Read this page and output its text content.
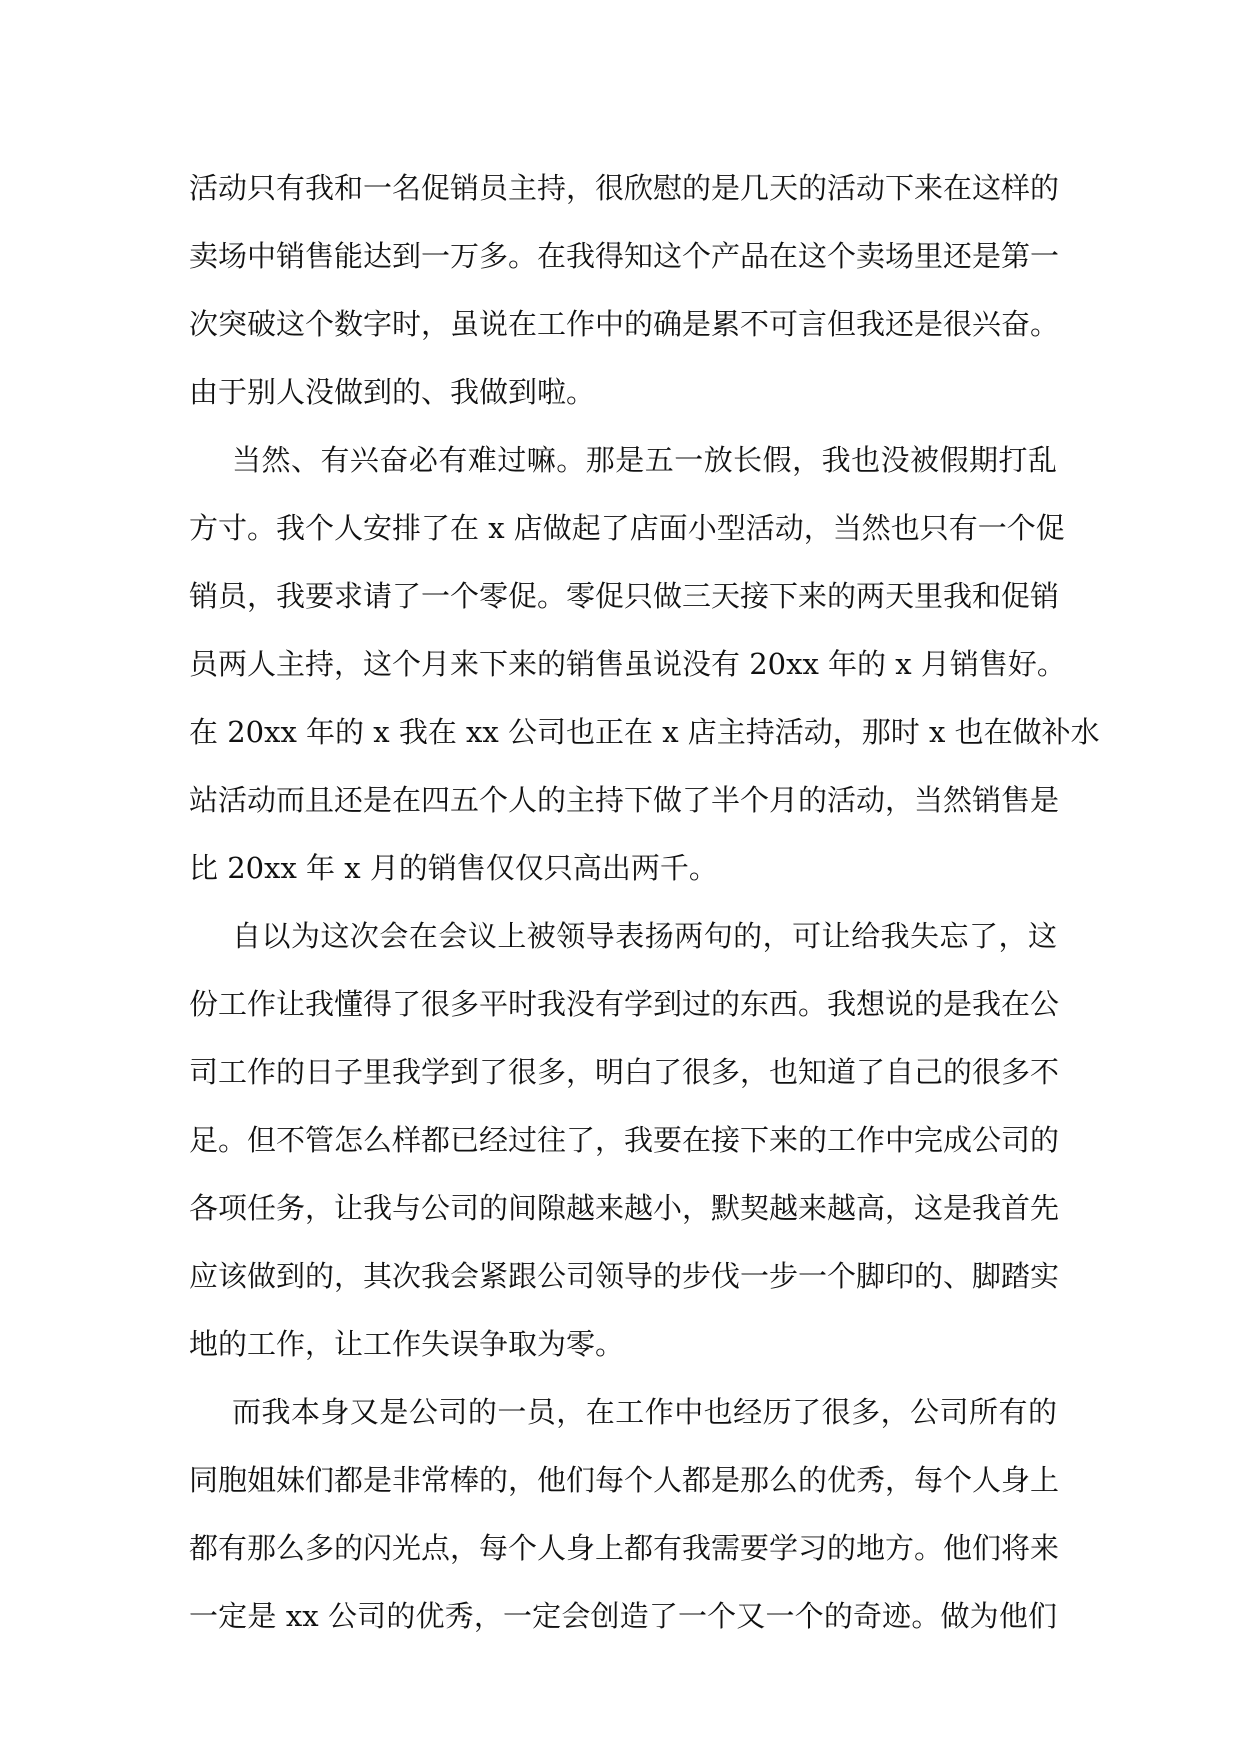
活动只有我和一名促销员主持，很欣慰的是几天的活动下来在这样的
卖场中销售能达到一万多。在我得知这个产品在这个卖场里还是第一
次突破这个数字时，虽说在工作中的确是累不可言但我还是很兴奋。
由于别人没做到的、我做到啦。
当然、有兴奋必有难过嘛。那是五一放长假，我也没被假期打乱
方寸。我个人安排了在 x 店做起了店面小型活动，当然也只有一个促
销员，我要求请了一个零促。零促只做三天接下来的两天里我和促销
员两人主持，这个月来下来的销售虽说没有 20xx 年的 x 月销售好。
在 20xx 年的 x 我在 xx 公司也正在 x 店主持活动，那时 x 也在做补水
站活动而且还是在四五个人的主持下做了半个月的活动，当然销售是
比 20xx 年 x 月的销售仅仅只高出两千。
自以为这次会在会议上被领导表扬两句的，可让给我失忘了，这
份工作让我懂得了很多平时我没有学到过的东西。我想说的是我在公
司工作的日子里我学到了很多，明白了很多，也知道了自己的很多不
足。但不管怎么样都已经过往了，我要在接下来的工作中完成公司的
各项任务，让我与公司的间隙越来越小，默契越来越高，这是我首先
应该做到的，其次我会紧跟公司领导的步伐一步一个脚印的、脚踏实
地的工作，让工作失误争取为零。
而我本身又是公司的一员，在工作中也经历了很多，公司所有的
同胞姐妹们都是非常棒的，他们每个人都是那么的优秀，每个人身上
都有那么多的闪光点，每个人身上都有我需要学习的地方。他们将来
一定是 xx 公司的优秀，一定会创造了一个又一个的奇迹。做为他们
